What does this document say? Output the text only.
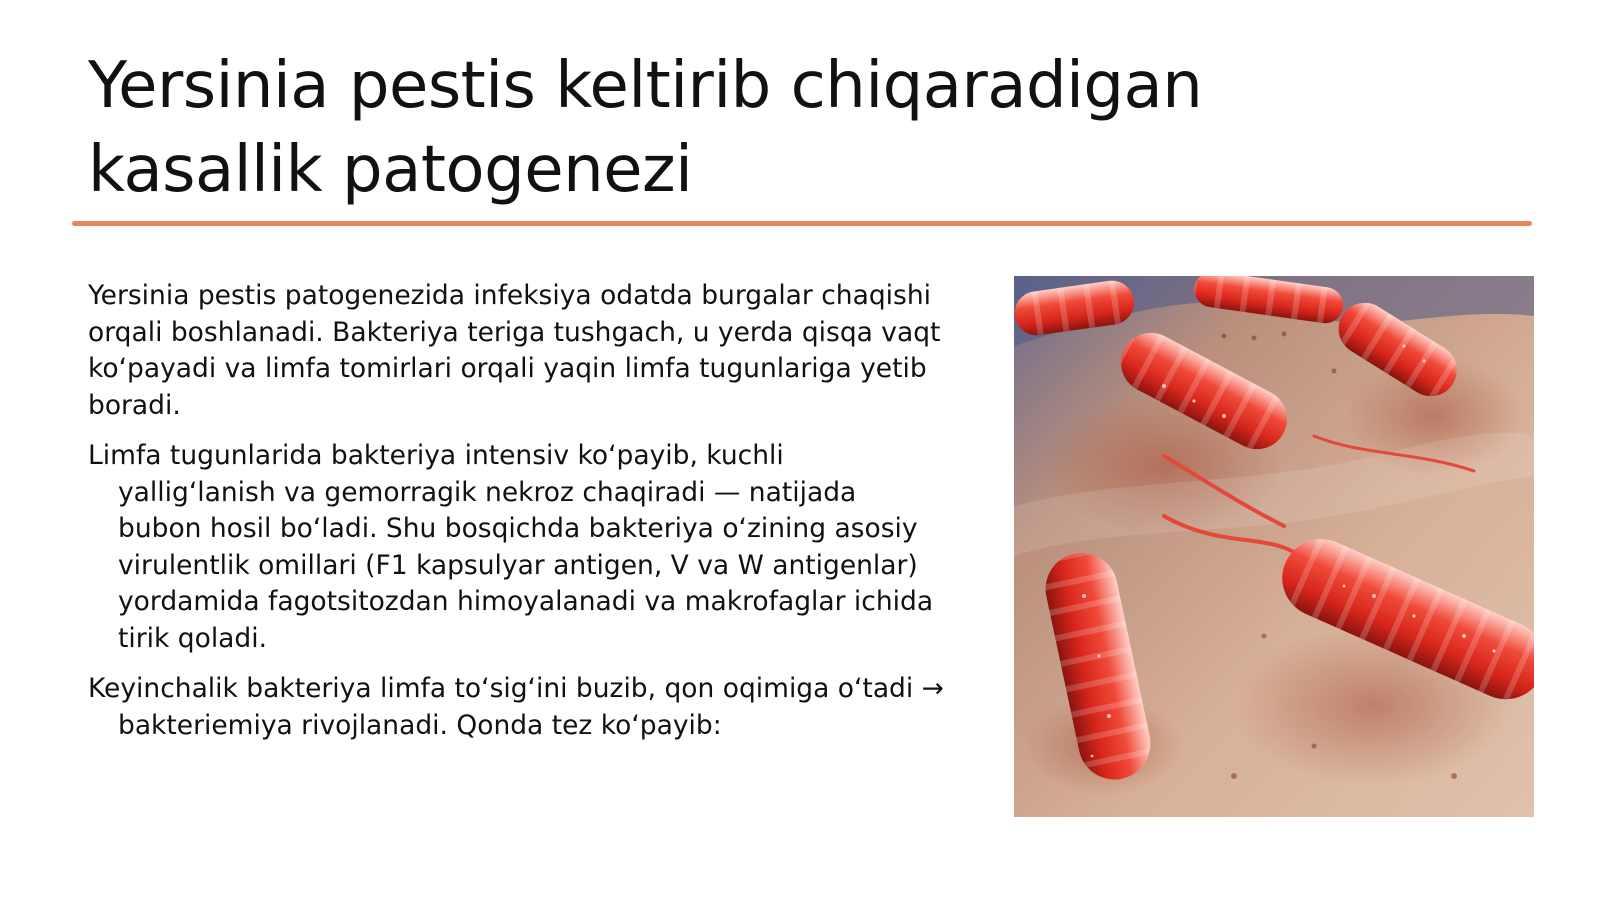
Yersinia pestis keltirib chiqaradigan
kasallik patogenezi

Yersinia pestis patogenezida infeksiya odatda burgalar chaqishi orqali boshlanadi. Bakteriya teriga tushgach, u yerda qisqa vaqt ko‘payadi va limfa tomirlari orqali yaqin limfa tugunlariga yetib boradi.

Limfa tugunlarida bakteriya intensiv ko‘payib, kuchli yallig‘lanish va gemorragik nekroz chaqiradi — natijada bubon hosil bo‘ladi. Shu bosqichda bakteriya o‘zining asosiy virulentlik omillari (F1 kapsulyar antigen, V va W antigenlar) yordamida fagotsitozdan himoyalanadi va makrofaglar ichida tirik qoladi.

Keyinchalik bakteriya limfa to‘sig‘ini buzib, qon oqimiga o‘tadi → bakteriemiya rivojlanadi. Qonda tez ko‘payib:
